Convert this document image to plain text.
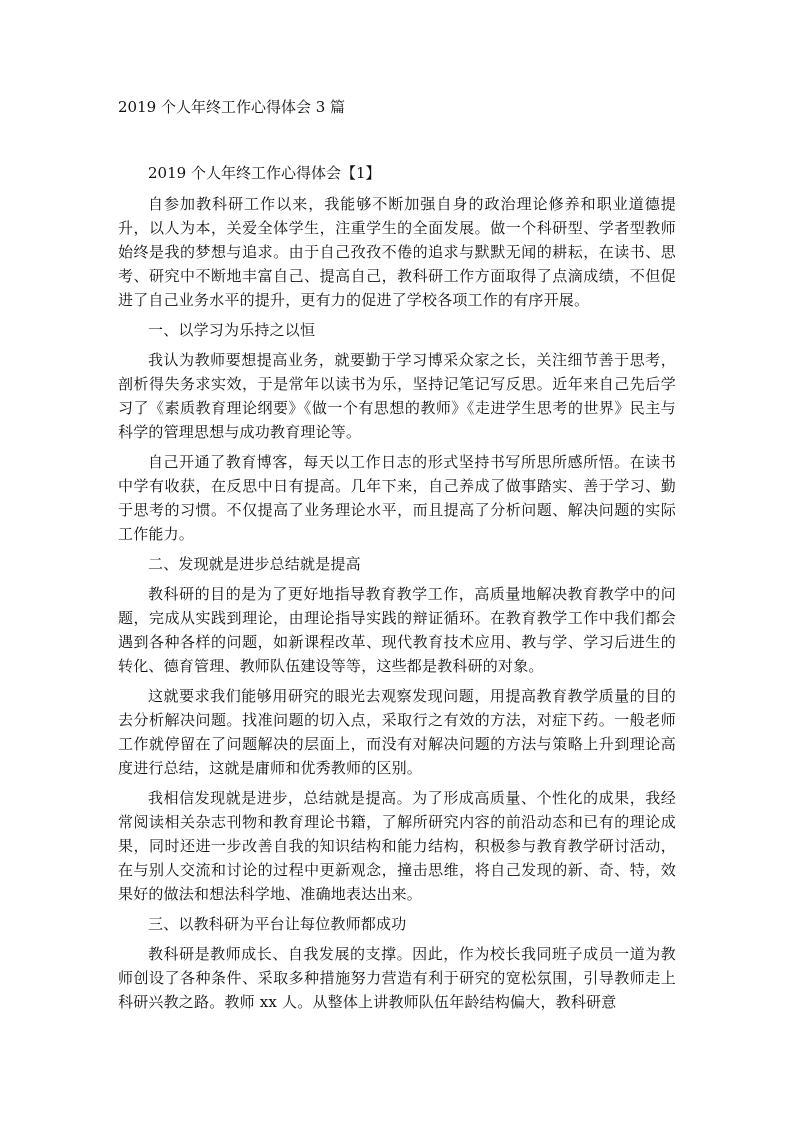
2019 个人年终工作心得体会 3 篇
2019 个人年终工作心得体会【1】

自参加教科研工作以来，我能够不断加强自身的政治理论修养和职业道德提升，以人为本，关爱全体学生，注重学生的全面发展。做一个科研型、学者型教师始终是我的梦想与追求。由于自己孜孜不倦的追求与默默无闻的耕耘，在读书、思考、研究中不断地丰富自己、提高自己，教科研工作方面取得了点滴成绩，不但促进了自己业务水平的提升，更有力的促进了学校各项工作的有序开展。

一、以学习为乐持之以恒

我认为教师要想提高业务，就要勤于学习博采众家之长，关注细节善于思考，剖析得失务求实效，于是常年以读书为乐，坚持记笔记写反思。近年来自己先后学习了《素质教育理论纲要》《做一个有思想的教师》《走进学生思考的世界》民主与科学的管理思想与成功教育理论等。

自己开通了教育博客，每天以工作日志的形式坚持书写所思所感所悟。在读书中学有收获，在反思中日有提高。几年下来，自己养成了做事踏实、善于学习、勤于思考的习惯。不仅提高了业务理论水平，而且提高了分析问题、解决问题的实际工作能力。

二、发现就是进步总结就是提高

教科研的目的是为了更好地指导教育教学工作，高质量地解决教育教学中的问题，完成从实践到理论，由理论指导实践的辩证循环。在教育教学工作中我们都会遇到各种各样的问题，如新课程改革、现代教育技术应用、教与学、学习后进生的转化、德育管理、教师队伍建设等等，这些都是教科研的对象。

这就要求我们能够用研究的眼光去观察发现问题，用提高教育教学质量的目的去分析解决问题。找准问题的切入点，采取行之有效的方法，对症下药。一般老师工作就停留在了问题解决的层面上，而没有对解决问题的方法与策略上升到理论高度进行总结，这就是庸师和优秀教师的区别。

我相信发现就是进步，总结就是提高。为了形成高质量、个性化的成果，我经常阅读相关杂志刊物和教育理论书籍，了解所研究内容的前沿动态和已有的理论成果，同时还进一步改善自我的知识结构和能力结构，积极参与教育教学研讨活动，在与别人交流和讨论的过程中更新观念，撞击思维，将自己发现的新、奇、特，效果好的做法和想法科学地、准确地表达出来。

三、以教科研为平台让每位教师都成功

教科研是教师成长、自我发展的支撑。因此，作为校长我同班子成员一道为教师创设了各种条件、采取多种措施努力营造有利于研究的宽松氛围，引导教师走上科研兴教之路。教师 xx 人。从整体上讲教师队伍年龄结构偏大，教科研意
